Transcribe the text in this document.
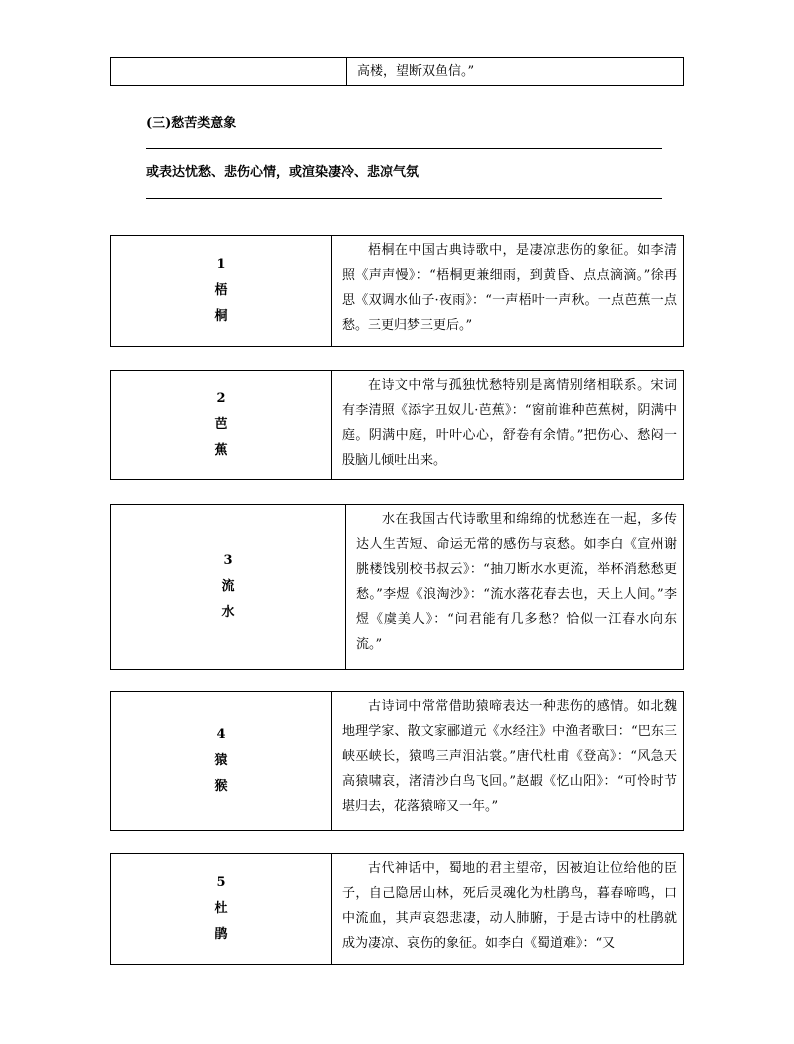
高楼，望断双鱼信。”
(三)愁苦类意象
或表达忧愁、悲伤心情，或渲染凄冷、悲凉气氛
1
梧
桐
梧桐在中国古典诗歌中，是凄凉悲伤的象征。如李清照《声声慢》：“梧桐更兼细雨，到黄昏、点点滴滴。”徐再思《双调水仙子·夜雨》：“一声梧叶一声秋。一点芭蕉一点愁。三更归梦三更后。”
2
芭
蕉
在诗文中常与孤独忧愁特别是离情别绪相联系。宋词有李清照《添字丑奴儿·芭蕉》：“窗前谁种芭蕉树，阴满中庭。阴满中庭，叶叶心心，舒卷有余情。”把伤心、愁闷一股脑儿倾吐出来。
3
流
水
水在我国古代诗歌里和绵绵的忧愁连在一起，多传达人生苦短、命运无常的感伤与哀愁。如李白《宣州谢朓楼饯别校书叔云》：“抽刀断水水更流，举杯消愁愁更愁。”李煜《浪淘沙》：“流水落花春去也，天上人间。”李煜《虞美人》：“问君能有几多愁？恰似一江春水向东流。”
4
猿
猴
古诗词中常常借助猿啼表达一种悲伤的感情。如北魏地理学家、散文家郦道元《水经注》中渔者歌曰：“巴东三峡巫峡长，猿鸣三声泪沾裳。”唐代杜甫《登高》：“风急天高猿啸哀，渚清沙白鸟飞回。”赵嘏《忆山阳》：“可怜时节堪归去，花落猿啼又一年。”
5
杜
鹃
古代神话中，蜀地的君主望帝，因被迫让位给他的臣子，自己隐居山林，死后灵魂化为杜鹃鸟，暮春啼鸣，口中流血，其声哀怨悲凄，动人肺腑，于是古诗中的杜鹃就成为凄凉、哀伤的象征。如李白《蜀道难》：“又
